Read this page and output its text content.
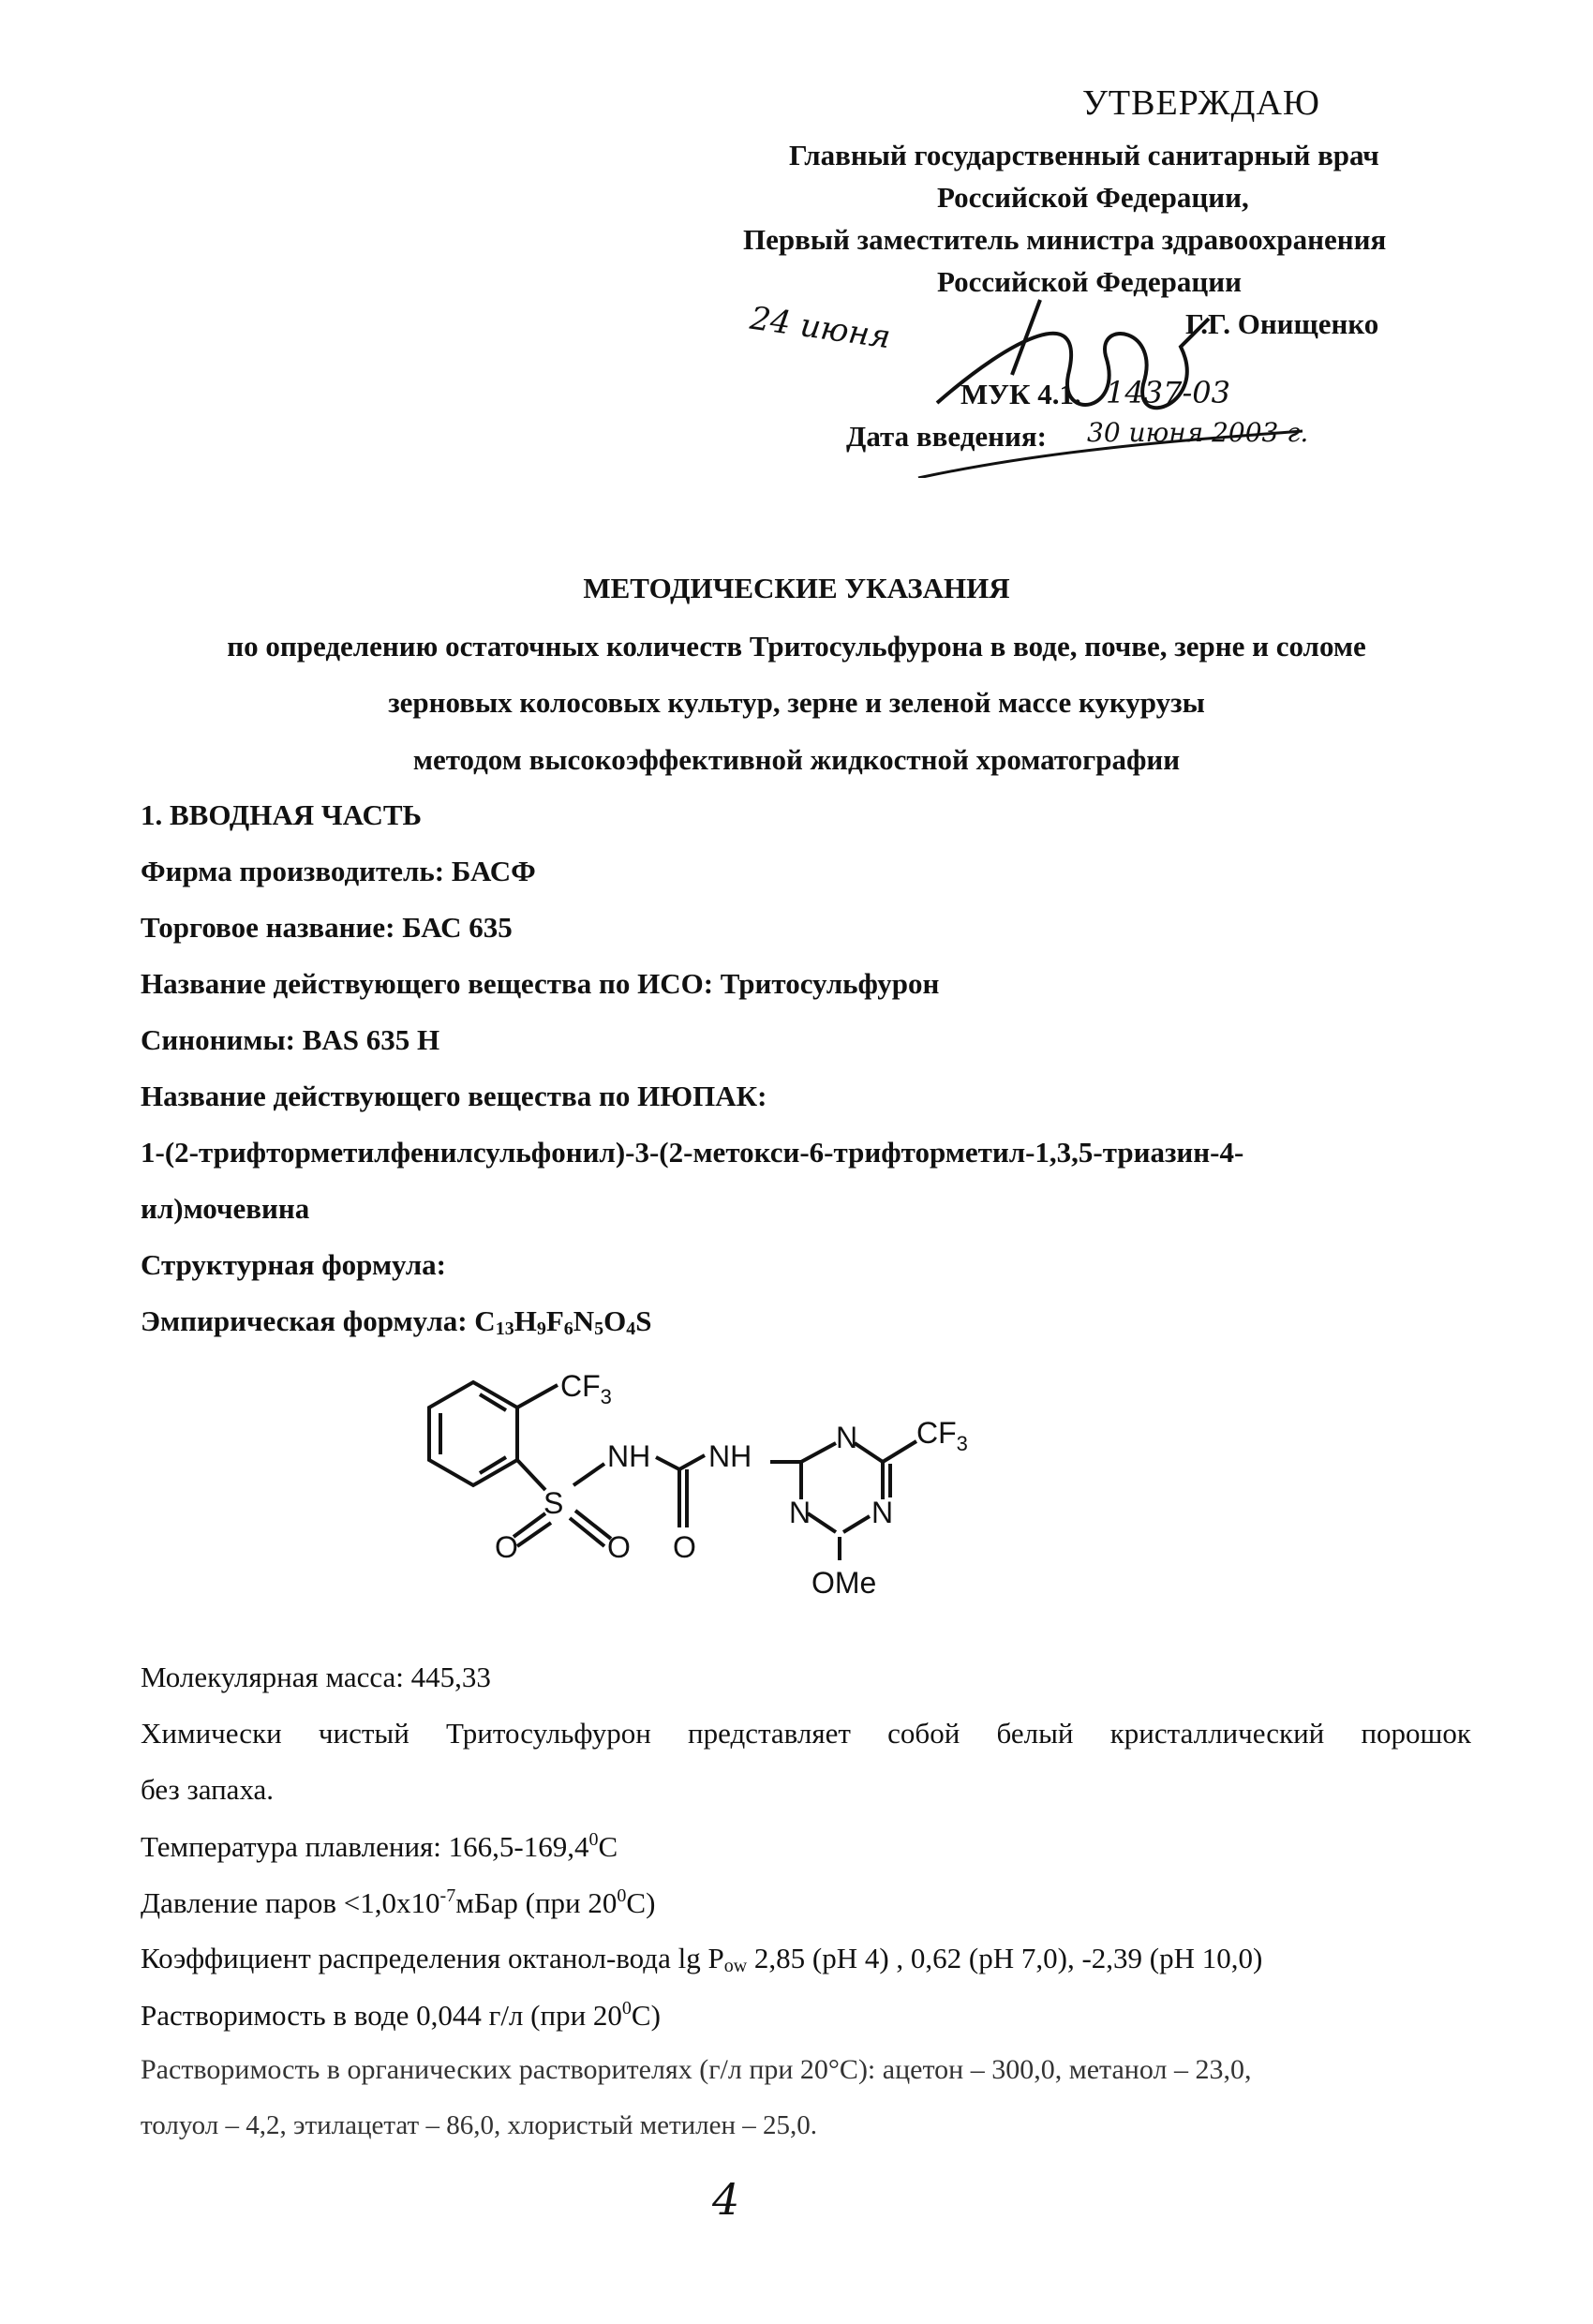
УТВЕРЖДАЮ
Главный государственный санитарный врач
Российской Федерации,
Первый заместитель министра здравоохранения
Российской Федерации
Г.Г. Онищенко
24 июня
МУК 4.1. 1437-03
Дата введения: 30 июня 2003 г.
МЕТОДИЧЕСКИЕ УКАЗАНИЯ
по определению остаточных количеств Тритосульфурона в воде, почве, зерне и соломе
зерновых колосовых культур, зерне и зеленой массе кукурузы
методом высокоэффективной жидкостной хроматографии
1. ВВОДНАЯ ЧАСТЬ
Фирма производитель: БАСФ
Торговое название: БАС 635
Название действующего вещества по ИСО: Тритосульфурон
Синонимы: BAS 635 H
Название действующего вещества по ИЮПАК:
1-(2-трифторметилфенилсульфонил)-3-(2-метокси-6-трифторметил-1,3,5-триазин-4-
ил)мочевина
Структурная формула:
Эмпирическая формула: $C_{13}H_9F_6N_5O_4S$
$CF_3$
NH
S
O	O O
NH
N
N N
$CF_3$
OMe
Молекулярная масса: 445,33
Химически чистый Тритосульфурон представляет собой белый кристаллический порошок
без запаха.
Температура плавления: 166,5-169,4$^0$C
Давление паров $<1,0x10^{-7}мБар$ (при $20^0C$)
Коэффициент распределения октанол-вода $\lg P_{ow}$ 2,85 (pH 4) , 0,62 (pH 7,0), -2,39 (pH 10,0)
Растворимость в воде 0,044 г/л (при $20^0C$)
Растворимость в органических растворителях (г/л при 20°С): ацетон – 300,0, метанол – 23,0,
толуол – 4,2, этилацетат – 86,0, хлористый метилен – 25,0.
4
